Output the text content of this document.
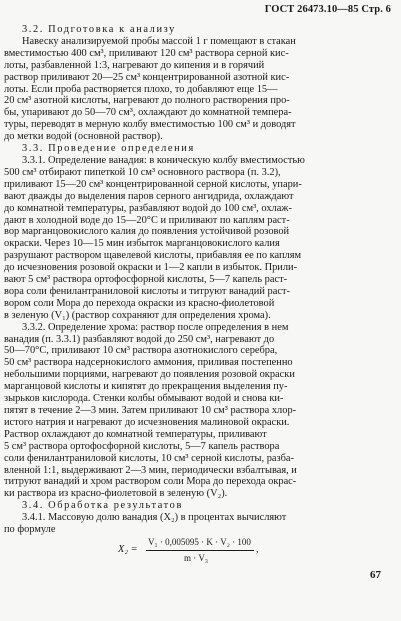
ГОСТ 26473.10—85 Стр. 6
3.2. Подготовка к анализу
Навеску анализируемой пробы массой 1 г помещают в стакан
вместимостью 400 см³, приливают 120 см³ раствора серной кис-
лоты, разбавленной 1:3, нагревают до кипения и в горячий
раствор приливают 20—25 см³ концентрированной азотной кис-
лоты. Если проба растворяется плохо, то добавляют еще 15—
20 см³ азотной кислоты, нагревают до полного растворения про-
бы, упаривают до 50—70 см³, охлаждают до комнатной темпера-
туры, переводят в мерную колбу вместимостью 100 см³ и доводят
до метки водой (основной раствор).
3.3. Проведение определения
3.3.1. Определение ванадия: в коническую колбу вместимостью
500 см³ отбирают пипеткой 10 см³ основного раствора (п. 3.2),
приливают 15—20 см³ концентрированной серной кислоты, упари-
вают дважды до выделения паров серного ангидрида, охлаждают
до комнатной температуры, разбавляют водой до 100 см³, охлаж-
дают в холодной воде до 15—20°С и приливают по каплям раст-
вор марганцовокислого калия до появления устойчивой розовой
окраски. Через 10—15 мин избыток марганцовокислого калия
разрушают раствором щавелевой кислоты, прибавляя ее по каплям
до исчезновения розовой окраски и 1—2 капли в избыток. Прили-
вают 5 см³ раствора ортофосфорной кислоты, 5—7 капель раст-
вора соли фенилантраниловой кислоты и титруют ванадий раст-
вором соли Мора до перехода окраски из красно-фиолетовой
в зеленую (V₁) (раствор сохраняют для определения хрома).
3.3.2. Определение хрома: раствор после определения в нем
ванадия (п. 3.3.1) разбавляют водой до 250 см³, нагревают до
50—70°С, приливают 10 см³ раствора азотнокислого серебра,
50 см³ раствора надсернокислого аммония, приливая постепенно
небольшими порциями, нагревают до появления розовой окраски
марганцовой кислоты и кипятят до прекращения выделения пу-
зырьков кислорода. Стенки колбы обмывают водой и снова ки-
пятят в течение 2—3 мин. Затем приливают 10 см³ раствора хлор-
истого натрия и нагревают до исчезновения малиновой окраски.
Раствор охлаждают до комнатной температуры, приливают
5 см³ раствора ортофосфорной кислоты, 5—7 капель раствора
соли фенилантраниловой кислоты, 10 см³ серной кислоты, разба-
вленной 1:1, выдерживают 2—3 мин, периодически взбалтывая, и
титруют ванадий и хром раствором соли Мора до перехода окрас-
ки раствора из красно-фиолетовой в зеленую (V₂).
3.4. Обработка результатов
3.4.1. Массовую долю ванадия (X₂) в процентах вычисляют
по формуле
X₂ =
V₁ · 0,005095 · K · V₂ · 100
m · V₃
,
67
